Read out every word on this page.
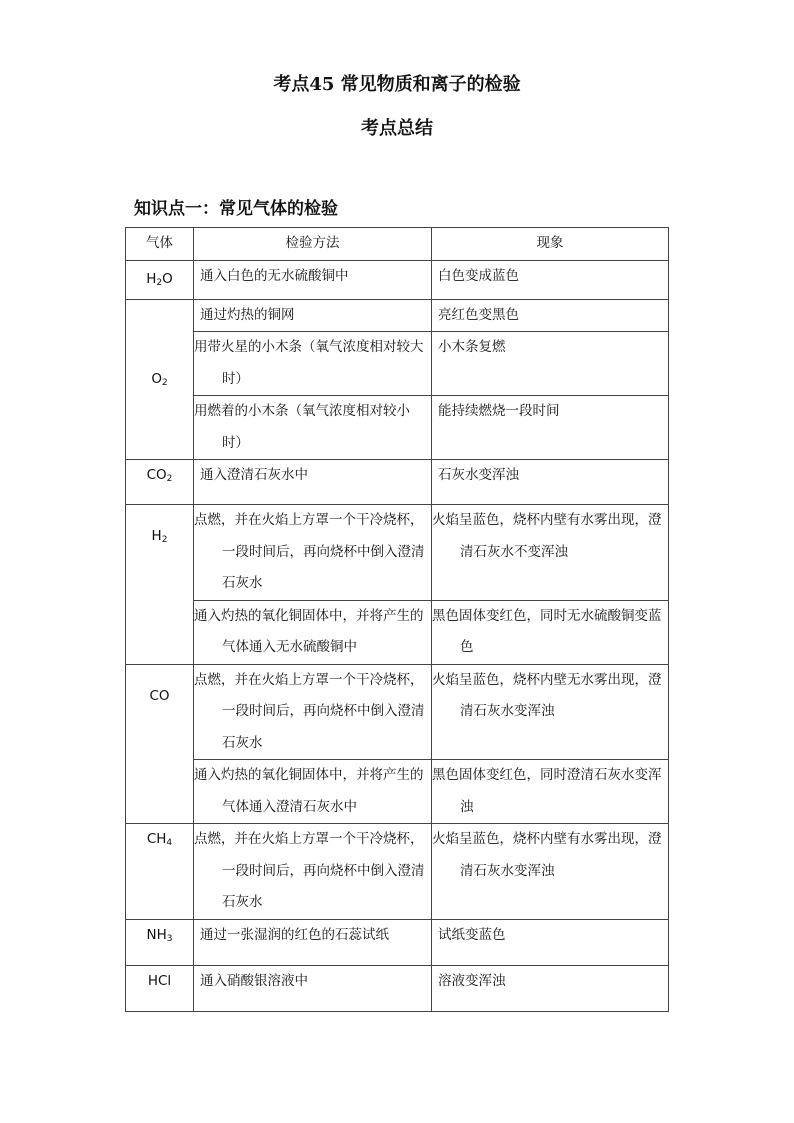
考点45 常见物质和离子的检验
考点总结
知识点一：常见气体的检验
气体	检验方法	现象
$H_2O$	通入白色的无水硫酸铜中	白色变成蓝色
$O_2$	通过灼热的铜网	亮红色变黑色
	用带火星的小木条（氧气浓度相对较大时）	小木条复燃
	用燃着的小木条（氧气浓度相对较小时）	能持续燃烧一段时间
$CO_2$	通入澄清石灰水中	石灰水变浑浊
$H_2$	点燃，并在火焰上方罩一个干冷烧杯，一段时间后，再向烧杯中倒入澄清石灰水	火焰呈蓝色，烧杯内壁有水雾出现，澄清石灰水不变浑浊
	通入灼热的氧化铜固体中，并将产生的气体通入无水硫酸铜中	黑色固体变红色，同时无水硫酸铜变蓝色
CO	点燃，并在火焰上方罩一个干冷烧杯，一段时间后，再向烧杯中倒入澄清石灰水	火焰呈蓝色，烧杯内壁无水雾出现，澄清石灰水变浑浊
	通入灼热的氧化铜固体中，并将产生的气体通入澄清石灰水中	黑色固体变红色，同时澄清石灰水变浑浊
$CH_4$	点燃，并在火焰上方罩一个干冷烧杯，一段时间后，再向烧杯中倒入澄清石灰水	火焰呈蓝色，烧杯内壁有水雾出现，澄清石灰水变浑浊
$NH_3$	通过一张湿润的红色的石蕊试纸	试纸变蓝色
HCl	通入硝酸银溶液中	溶液变浑浊
